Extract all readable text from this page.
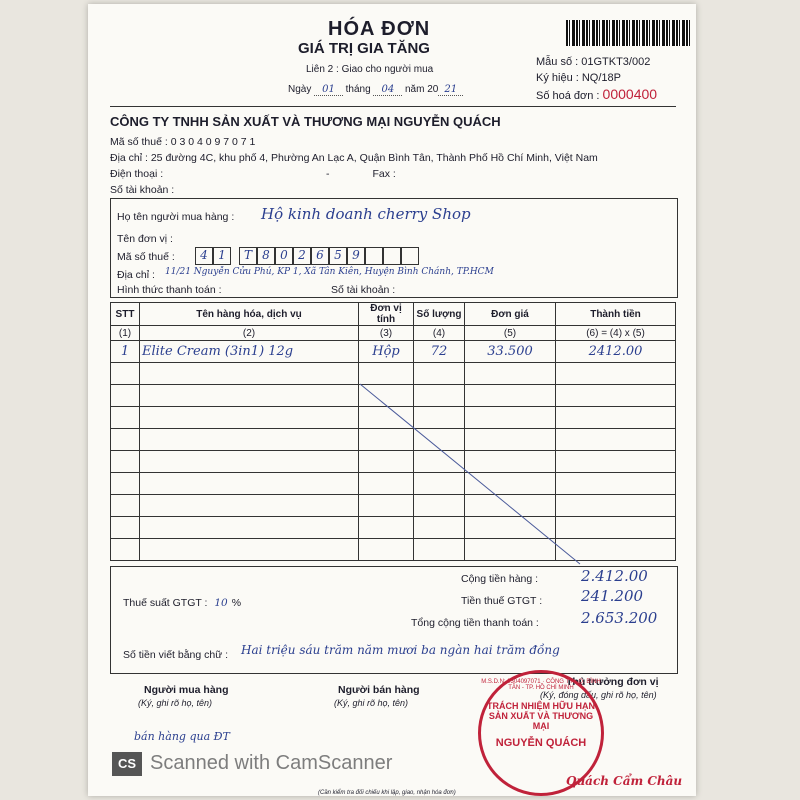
HÓA ĐƠN
GIÁ TRỊ GIA TĂNG
Liên 2 : Giao cho người mua
Ngày 01 tháng 04 năm 20 21
Mẫu số : 01GTKT3/002
Ký hiệu : NQ/18P
Số hoá đơn : 0000400
CÔNG TY TNHH SẢN XUẤT VÀ THƯƠNG MẠI NGUYỄN QUÁCH
Mã số thuế : 0 3 0 4 0 9 7 0 7 1
Địa chỉ : 25 đường 4C, khu phố 4, Phường An Lạc A, Quận Bình Tân, Thành Phố Hồ Chí Minh, Việt Nam
Điện thoại :	-	Fax :
Số tài khoản :
Họ tên người mua hàng : Hộ kinh doanh cherry Shop
Tên đơn vị :
Mã số thuế :	4 1	T 8 0 2 6 5 9
Địa chỉ : 11/21 Nguyễn Cửu Phú, KP 1, Xã Tân Kiên, Huyện Bình Chánh, TP.HCM
Hình thức thanh toán :	Số tài khoản :
STT	Tên hàng hóa, dịch vụ	Đơn vị tính	Số lượng	Đơn giá	Thành tiền
(1)	(2)	(3)	(4)	(5)	(6) = (4) x (5)
1	Elite Cream (3in1) 12g	Hộp	72	33.500	2412.00

Cộng tiền hàng :	2.412.00
Thuế suất GTGT : 10 %	Tiền thuế GTGT :	241.200
Tổng cộng tiền thanh toán :	2.653.200
Số tiền viết bằng chữ : Hai triệu sáu trăm năm mươi ba ngàn hai trăm đồng
Người mua hàng
(Ký, ghi rõ họ, tên)
Người bán hàng
(Ký, ghi rõ họ, tên)
Thủ trưởng đơn vị
(Ký, đóng dấu, ghi rõ họ, tên)
bán hàng qua ĐT
M.S.D.N: 0304097071 · CÔNG TY · Q. BÌNH TÂN - TP. HỒ CHÍ MINH
TRÁCH NHIỆM HỮU HẠN
SẢN XUẤT VÀ THƯƠNG MẠI
NGUYỄN QUÁCH
Quách Cẩm Châu
(Cần kiểm tra đối chiếu khi lập, giao, nhận hóa đơn)
CS Scanned with CamScanner
